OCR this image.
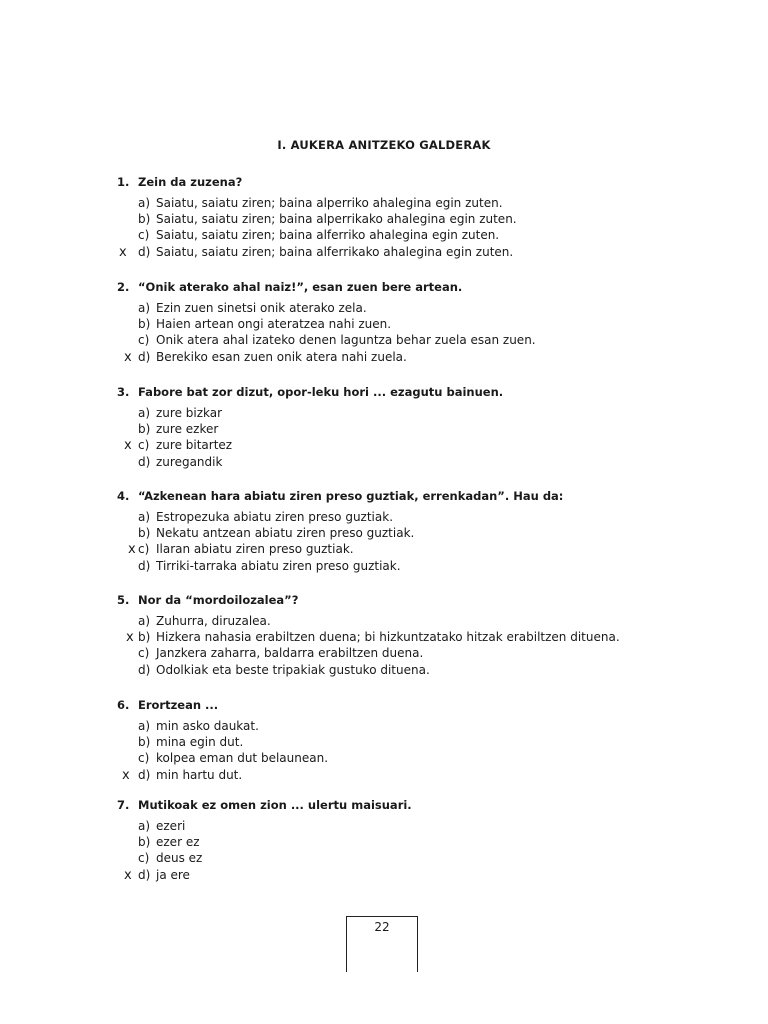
I. AUKERA ANITZEKO GALDERAK
1. Zein da zuzena?
a) Saiatu, saiatu ziren; baina alperriko ahalegina egin zuten.
b) Saiatu, saiatu ziren; baina alperrikako ahalegina egin zuten.
c) Saiatu, saiatu ziren; baina alferriko ahalegina egin zuten.
x d) Saiatu, saiatu ziren; baina alferrikako ahalegina egin zuten.
2. “Onik aterako ahal naiz!”, esan zuen bere artean.
a) Ezin zuen sinetsi onik aterako zela.
b) Haien artean ongi ateratzea nahi zuen.
c) Onik atera ahal izateko denen laguntza behar zuela esan zuen.
x d) Berekiko esan zuen onik atera nahi zuela.
3. Fabore bat zor dizut, opor-leku hori ... ezagutu bainuen.
a) zure bizkar
b) zure ezker
x c) zure bitartez
d) zuregandik
4. “Azkenean hara abiatu ziren preso guztiak, errenkadan”. Hau da:
a) Estropezuka abiatu ziren preso guztiak.
b) Nekatu antzean abiatu ziren preso guztiak.
x c) Ilaran abiatu ziren preso guztiak.
d) Tirriki-tarraka abiatu ziren preso guztiak.
5. Nor da “mordoilozalea”?
a) Zuhurra, diruzalea.
x b) Hizkera nahasia erabiltzen duena; bi hizkuntzatako hitzak erabiltzen dituena.
c) Janzkera zaharra, baldarra erabiltzen duena.
d) Odolkiak eta beste tripakiak gustuko dituena.
6. Erortzean ...
a) min asko daukat.
b) mina egin dut.
c) kolpea eman dut belaunean.
x d) min hartu dut.
7. Mutikoak ez omen zion ... ulertu maisuari.
a) ezeri
b) ezer ez
c) deus ez
x d) ja ere
22
